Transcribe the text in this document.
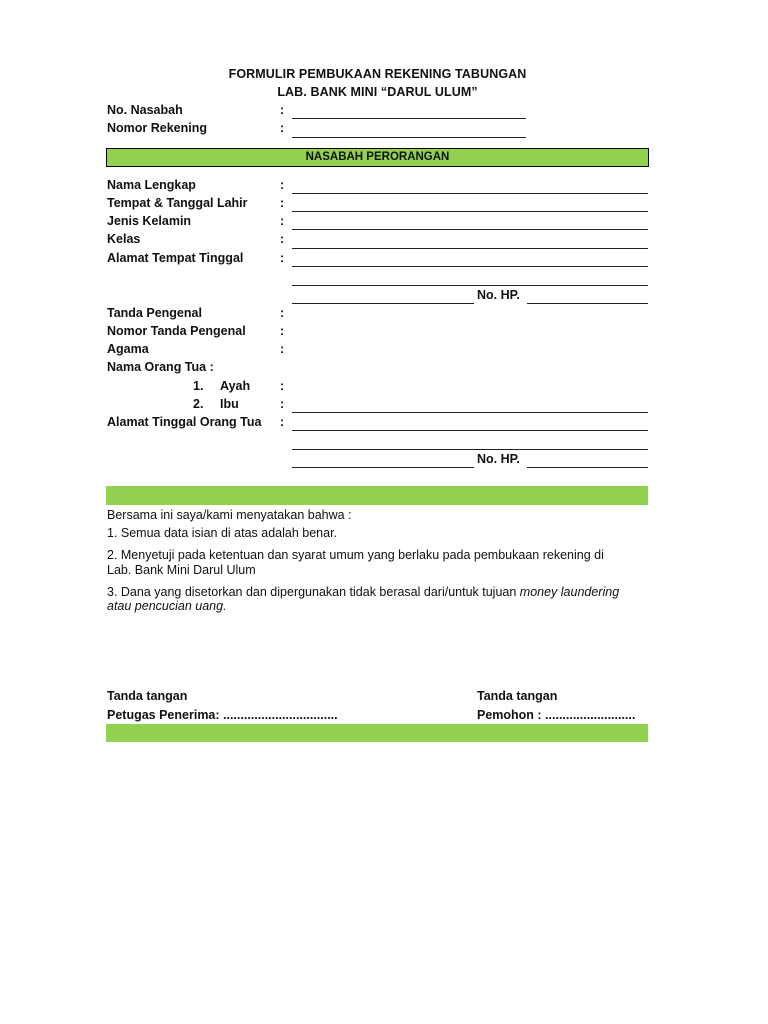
FORMULIR PEMBUKAAN REKENING TABUNGAN
LAB. BANK MINI “DARUL ULUM”
No. Nasabah	:
Nomor Rekening	:
NASABAH PERORANGAN
Nama Lengkap	:
Tempat & Tanggal Lahir	:
Jenis Kelamin	:
Kelas	:
Alamat Tempat Tinggal	:
No. HP.
Tanda Pengenal	:
Nomor Tanda Pengenal	:
Agama	:
Nama Orang Tua :
1. Ayah :
2. Ibu	:
Alamat Tinggal Orang Tua :
No. HP.
Bersama ini saya/kami menyatakan bahwa :
1. Semua data isian di atas adalah benar.
2. Menyetuji pada ketentuan dan syarat umum yang berlaku pada pembukaan rekening di
Lab. Bank Mini Darul Ulum
3. Dana yang disetorkan dan dipergunakan tidak berasal dari/untuk tujuan money laundering
atau pencucian uang.
Tanda tangan
Petugas Penerima: .................................
Tanda tangan
Pemohon : ..........................
